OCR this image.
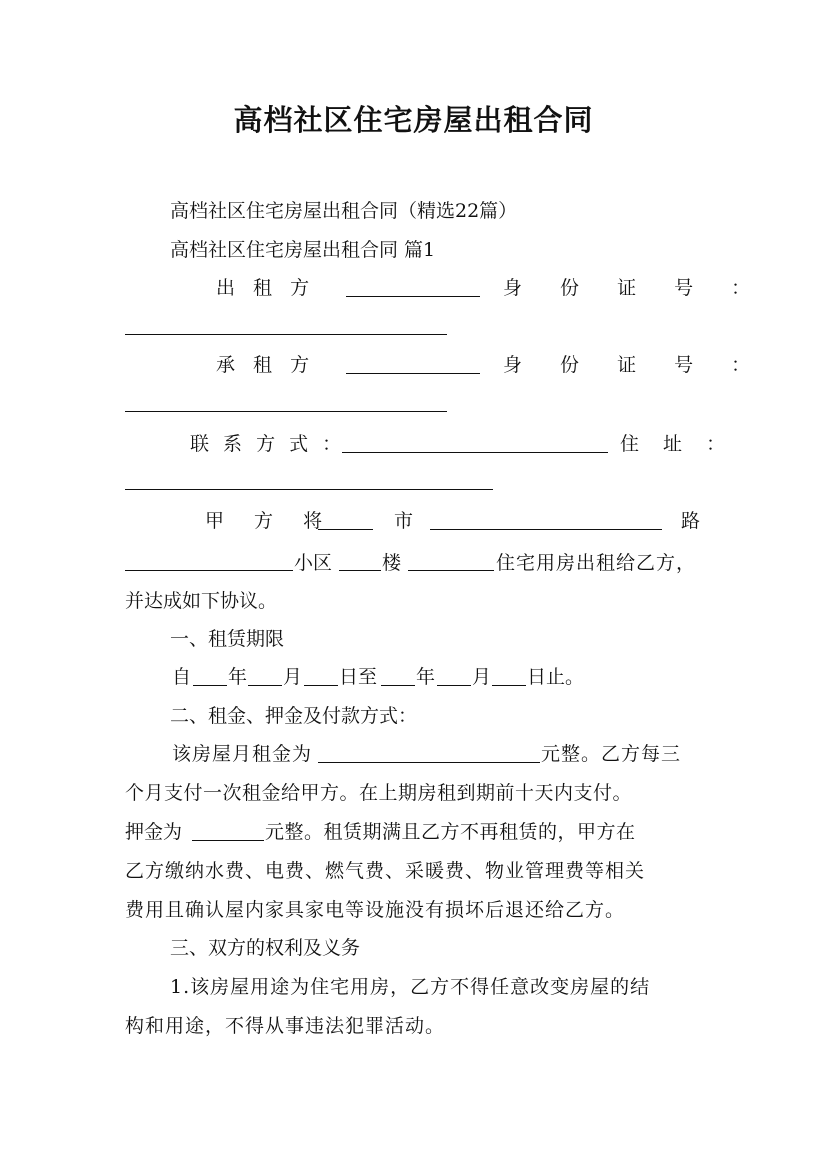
高档社区住宅房屋出租合同
高档社区住宅房屋出租合同（精选22篇）
高档社区住宅房屋出租合同 篇1
出 租 方	身 份 证 号 ：
承 租 方	身 份 证 号 ：
联 系 方 式 ：	住 址 ：
甲 方 将	市	路
小区	楼	住宅用房出租给乙方，
并达成如下协议。
一、租赁期限
自 年 月 日至 年 月 日止。
二、租金、押金及付款方式：
该房屋月租金为	元整。乙方每三
个月支付一次租金给甲方。在上期房租到期前十天内支付。
押金为	元整。租赁期满且乙方不再租赁的，甲方在
乙方缴纳水费、电费、燃气费、采暖费、物业管理费等相关
费用且确认屋内家具家电等设施没有损坏后退还给乙方。
三、双方的权利及义务
1.该房屋用途为住宅用房，乙方不得任意改变房屋的结
构和用途，不得从事违法犯罪活动。
